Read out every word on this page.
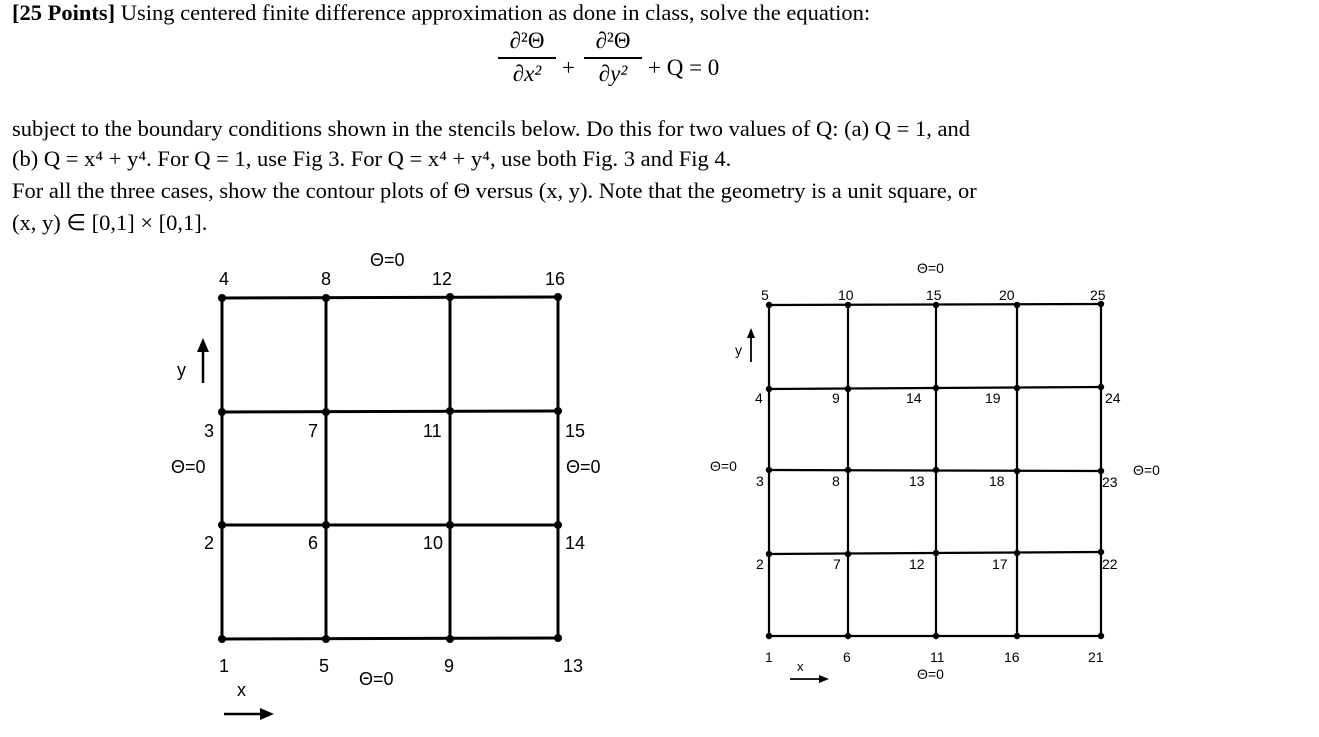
[25 Points] Using centered finite difference approximation as done in class, solve the equation:
∂²Θ
∂x² +
∂²Θ
∂y² + Q = 0
subject to the boundary conditions shown in the stencils below. Do this for two values of Q: (a) Q = 1, and
(b) Q = x⁴ + y⁴. For Q = 1, use Fig 3. For Q = x⁴ + y⁴, use both Fig. 3 and Fig 4.
For all the three cases, show the contour plots of Θ versus (x, y). Note that the geometry is a unit square, or
(x, y) ∈ [0,1] × [0,1].
4	8	12	16
3	7	11	15
2	6	10	14
1	5	9	13
Θ=0
Θ=0
Θ=0	Θ=0
y
x
5	10	15	20	25
4	9	14	19	24
3	8	13	18	23
2	7	12	17	22
1	6	11	16	21
Θ=0
Θ=0
Θ=0	Θ=0
y
x
